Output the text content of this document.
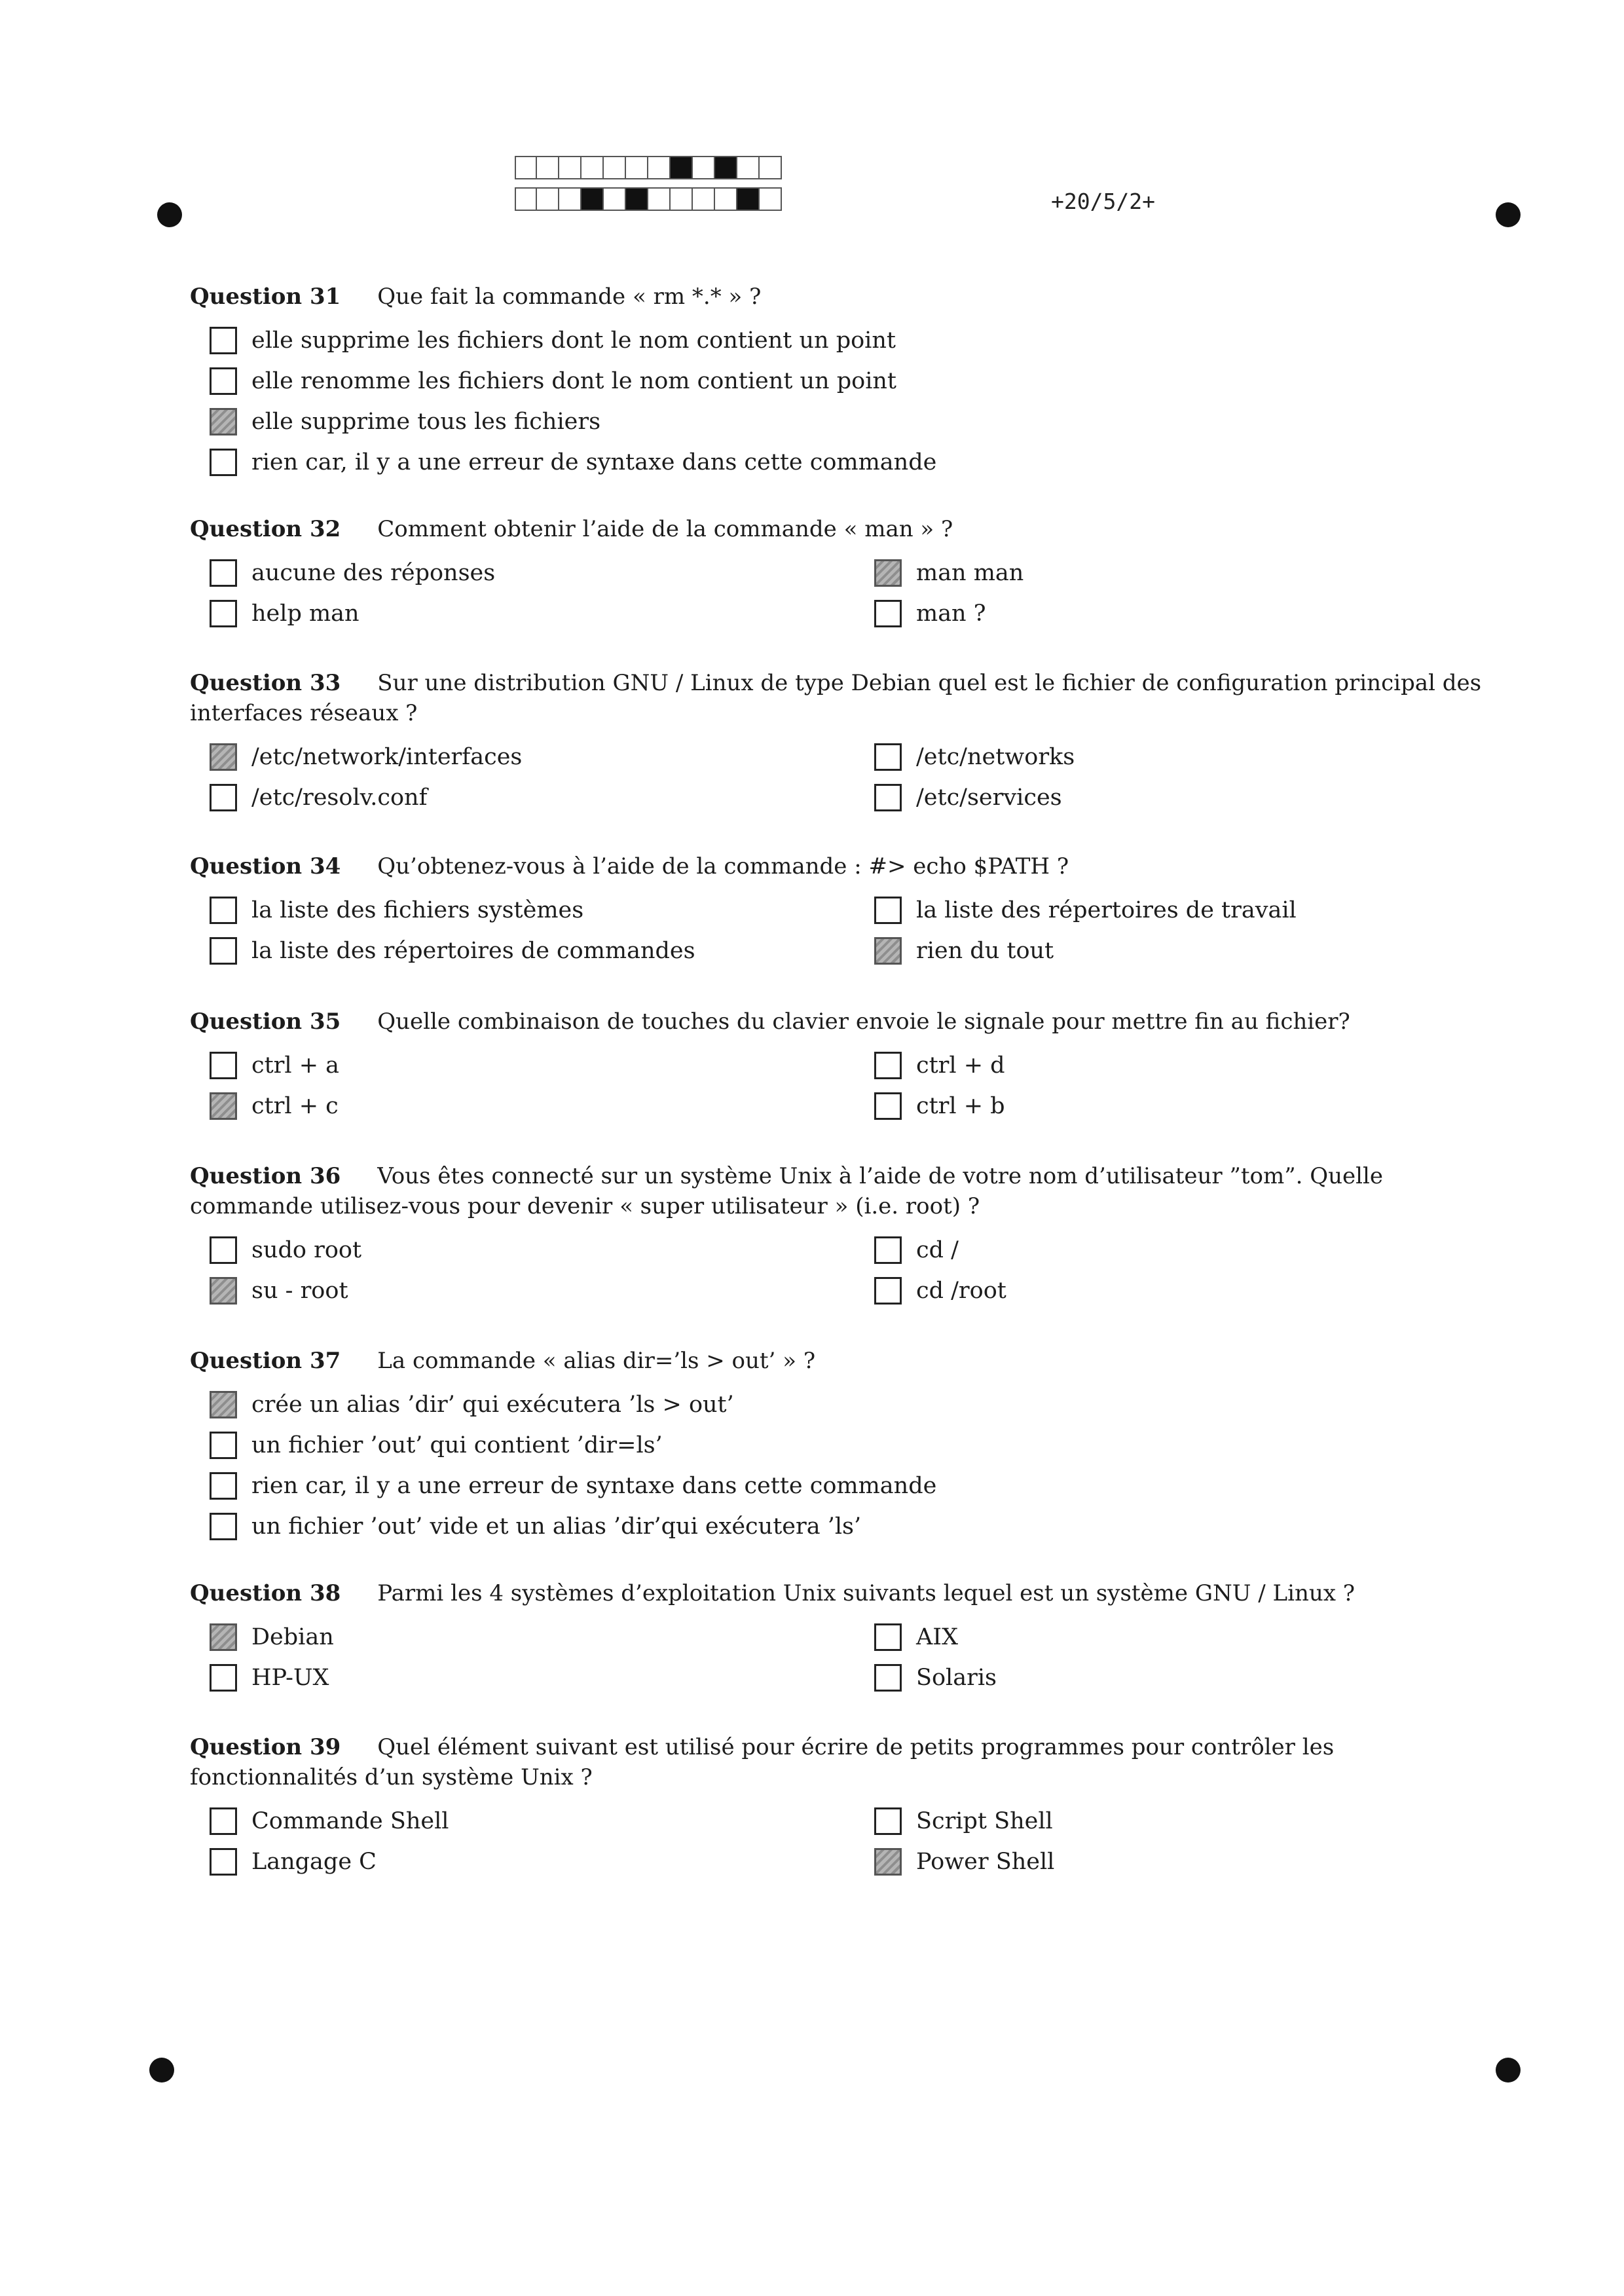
+20/5/2+
Question 31 Que fait la commande « rm *.* » ?
elle supprime les fichiers dont le nom contient un point
elle renomme les fichiers dont le nom contient un point
elle supprime tous les fichiers
rien car, il y a une erreur de syntaxe dans cette commande
Question 32 Comment obtenir l’aide de la commande « man » ?
aucune des réponses
help man
man man
man ?
Question 33 Sur une distribution GNU / Linux de type Debian quel est le fichier de configuration principal des interfaces réseaux ?
/etc/network/interfaces
/etc/resolv.conf
/etc/networks
/etc/services
Question 34 Qu’obtenez-vous à l’aide de la commande : #> echo $PATH ?
la liste des fichiers systèmes
la liste des répertoires de commandes
la liste des répertoires de travail
rien du tout
Question 35 Quelle combinaison de touches du clavier envoie le signale pour mettre fin au fichier?
ctrl + a
ctrl + c
ctrl + d
ctrl + b
Question 36 Vous êtes connecté sur un système Unix à l’aide de votre nom d’utilisateur ”tom”. Quelle commande utilisez-vous pour devenir « super utilisateur » (i.e. root) ?
sudo root
su - root
cd /
cd /root
Question 37 La commande « alias dir=’ls > out’ » ?
crée un alias ’dir’ qui exécutera ’ls > out’
un fichier ’out’ qui contient ’dir=ls’
rien car, il y a une erreur de syntaxe dans cette commande
un fichier ’out’ vide et un alias ’dir’qui exécutera ’ls’
Question 38 Parmi les 4 systèmes d’exploitation Unix suivants lequel est un système GNU / Linux ?
Debian
HP-UX
AIX
Solaris
Question 39 Quel élément suivant est utilisé pour écrire de petits programmes pour contrôler les fonctionnalités d’un système Unix ?
Commande Shell
Langage C
Script Shell
Power Shell
